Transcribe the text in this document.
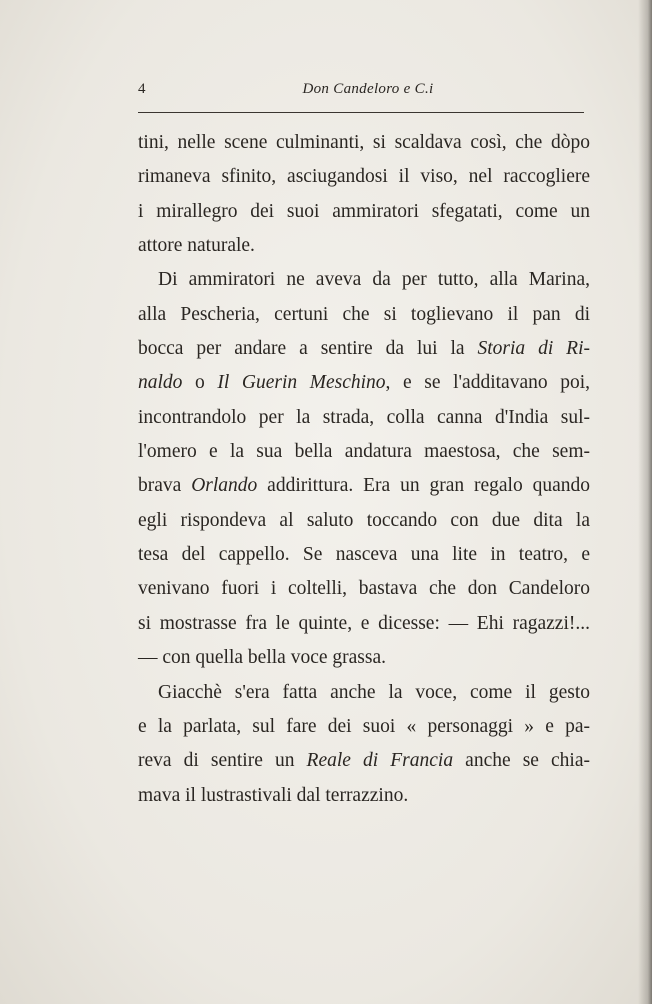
4	Don Candeloro e C.i
tini, nelle scene culminanti, si scaldava così, che dòpo
rimaneva sfinito, asciugandosi il viso, nel raccogliere
i mirallegro dei suoi ammiratori sfegatati, come un
attore naturale.
Di ammiratori ne aveva da per tutto, alla Marina,
alla Pescheria, certuni che si toglievano il pan di
bocca per andare a sentire da lui la Storia di Ri-
naldo o Il Guerin Meschino, e se l'additavano poi,
incontrandolo per la strada, colla canna d'India sul-
l'omero e la sua bella andatura maestosa, che sem-
brava Orlando addirittura. Era un gran regalo quando
egli rispondeva al saluto toccando con due dita la
tesa del cappello. Se nasceva una lite in teatro, e
venivano fuori i coltelli, bastava che don Candeloro
si mostrasse fra le quinte, e dicesse: — Ehi ragazzi!...
— con quella bella voce grassa.
Giacchè s'era fatta anche la voce, come il gesto
e la parlata, sul fare dei suoi « personaggi » e pa-
reva di sentire un Reale di Francia anche se chia-
mava il lustrastivali dal terrazzino.
